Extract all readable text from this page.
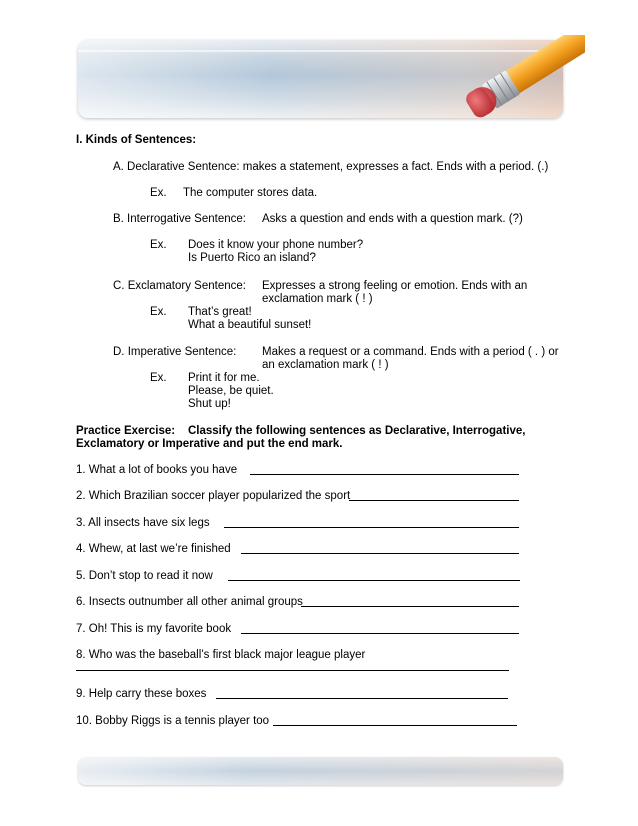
I. Kinds of Sentences:
A. Declarative Sentence: makes a statement, expresses a fact. Ends with a period. (.)
Ex. The computer stores data.
B. Interrogative Sentence: Asks a question and ends with a question mark. (?)
Ex. Does it know your phone number?
Is Puerto Rico an island?
C. Exclamatory Sentence: Expresses a strong feeling or emotion. Ends with an
exclamation mark ( ! )
Ex. That’s great!
What a beautiful sunset!
D. Imperative Sentence: Makes a request or a command. Ends with a period ( . ) or
an exclamation mark ( ! )
Ex. Print it for me.
Please, be quiet.
Shut up!
Practice Exercise: Classify the following sentences as Declarative, Interrogative,
Exclamatory or Imperative and put the end mark.
1. What a lot of books you have
2. Which Brazilian soccer player popularized the sport
3. All insects have six legs
4. Whew, at last we’re finished
5. Don’t stop to read it now
6. Insects outnumber all other animal groups
7. Oh! This is my favorite book
8. Who was the baseball’s first black major league player
9. Help carry these boxes
10. Bobby Riggs is a tennis player too
